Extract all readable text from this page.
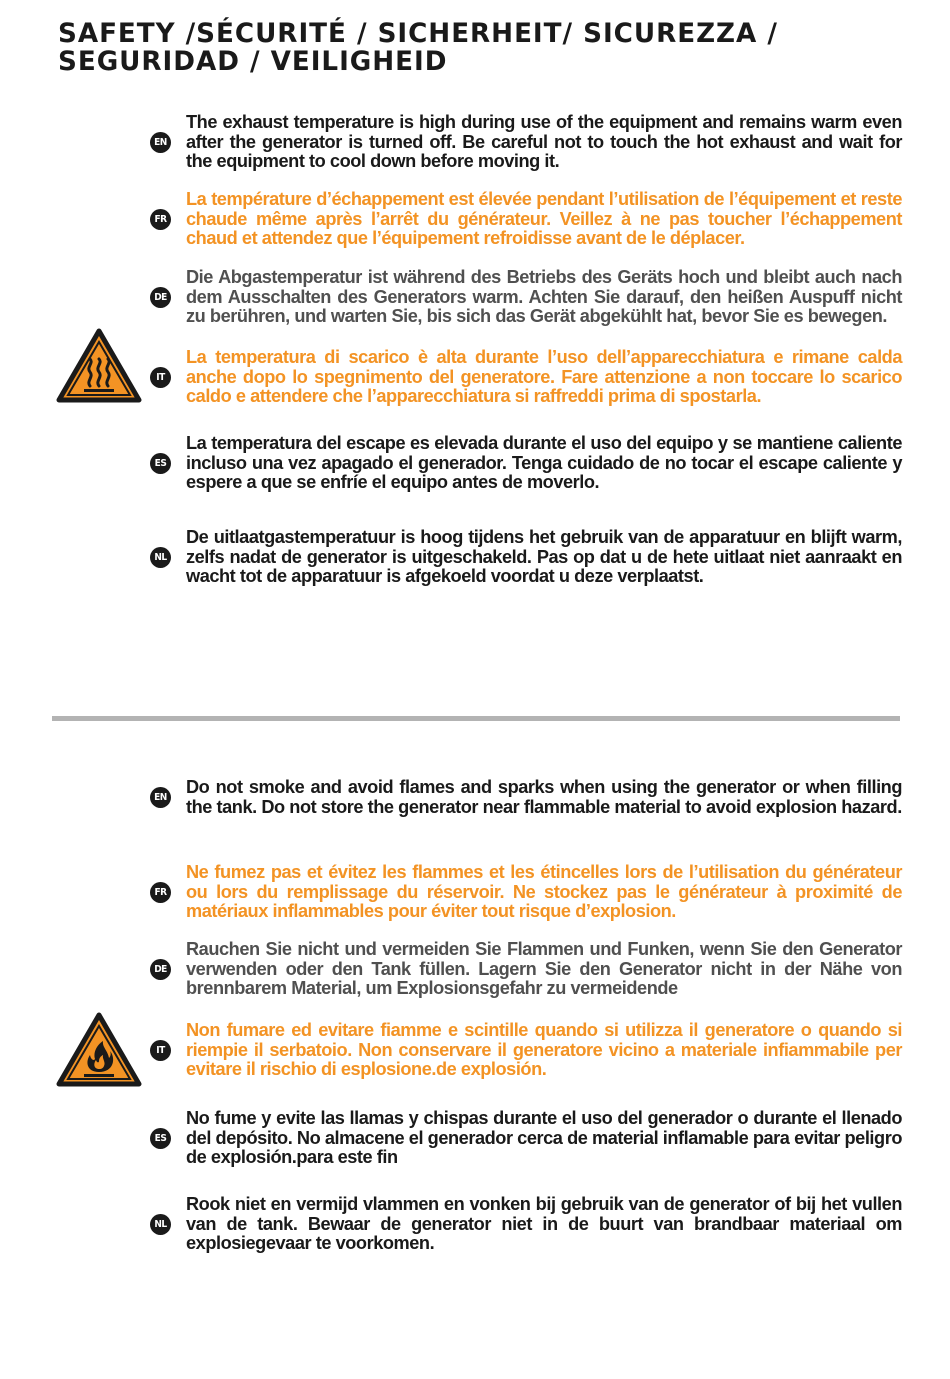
SAFETY /SÉCURITÉ / SICHERHEIT/ SICUREZZA /
SEGURIDAD / VEILIGHEID
EN
The exhaust temperature is high during use of the equipment and remains warm even after the generator is turned off. Be careful not to touch the hot exhaust and wait for the equipment to cool down before moving it.
FR
La température d’échappement est élevée pendant l’utilisation de l’équipement et reste chaude même après l’arrêt du générateur. Veillez à ne pas toucher l’échappement chaud et attendez que l’équipement refroidisse avant de le déplacer.
DE
Die Abgastemperatur ist während des Betriebs des Geräts hoch und bleibt auch nach dem Ausschalten des Generators warm. Achten Sie darauf, den heißen Auspuff nicht zu berühren, und warten Sie, bis sich das Gerät abgekühlt hat, bevor Sie es bewegen.
IT
La temperatura di scarico è alta durante l’uso dell’apparecchiatura e rimane calda anche dopo lo spegnimento del generatore. Fare attenzione a non toccare lo scarico caldo e attendere che l’apparecchiatura si raffreddi prima di spostarla.
ES
La temperatura del escape es elevada durante el uso del equipo y se mantiene caliente incluso una vez apagado el generador. Tenga cuidado de no tocar el escape caliente y espere a que se enfríe el equipo antes de moverlo.
NL
De uitlaatgastemperatuur is hoog tijdens het gebruik van de apparatuur en blijft warm, zelfs nadat de generator is uitgeschakeld. Pas op dat u de hete uitlaat niet aanraakt en wacht tot de apparatuur is afgekoeld voordat u deze verplaatst.
EN
Do not smoke and avoid flames and sparks when using the generator or when filling the tank. Do not store the generator near flammable material to avoid explosion hazard.
FR
Ne fumez pas et évitez les flammes et les étincelles lors de l’utilisation du générateur ou lors du remplissage du réservoir. Ne stockez pas le générateur à proximité de matériaux inflammables pour éviter tout risque d’explosion.
DE
Rauchen Sie nicht und vermeiden Sie Flammen und Funken, wenn Sie den Generator verwenden oder den Tank füllen. Lagern Sie den Generator nicht in der Nähe von brennbarem Material, um Explosionsgefahr zu vermeidende
IT
Non fumare ed evitare fiamme e scintille quando si utilizza il generatore o quando si riempie il serbatoio. Non conservare il generatore vicino a materiale infiammabile per evitare il rischio di esplosione.de explosión.
ES
No fume y evite las llamas y chispas durante el uso del generador o durante el llenado del depósito. No almacene el generador cerca de material inflamable para evitar peligro de explosión.para este fin
NL
Rook niet en vermijd vlammen en vonken bij gebruik van de generator of bij het vullen van de tank. Bewaar de generator niet in de buurt van brandbaar materiaal om explosiegevaar te voorkomen.
